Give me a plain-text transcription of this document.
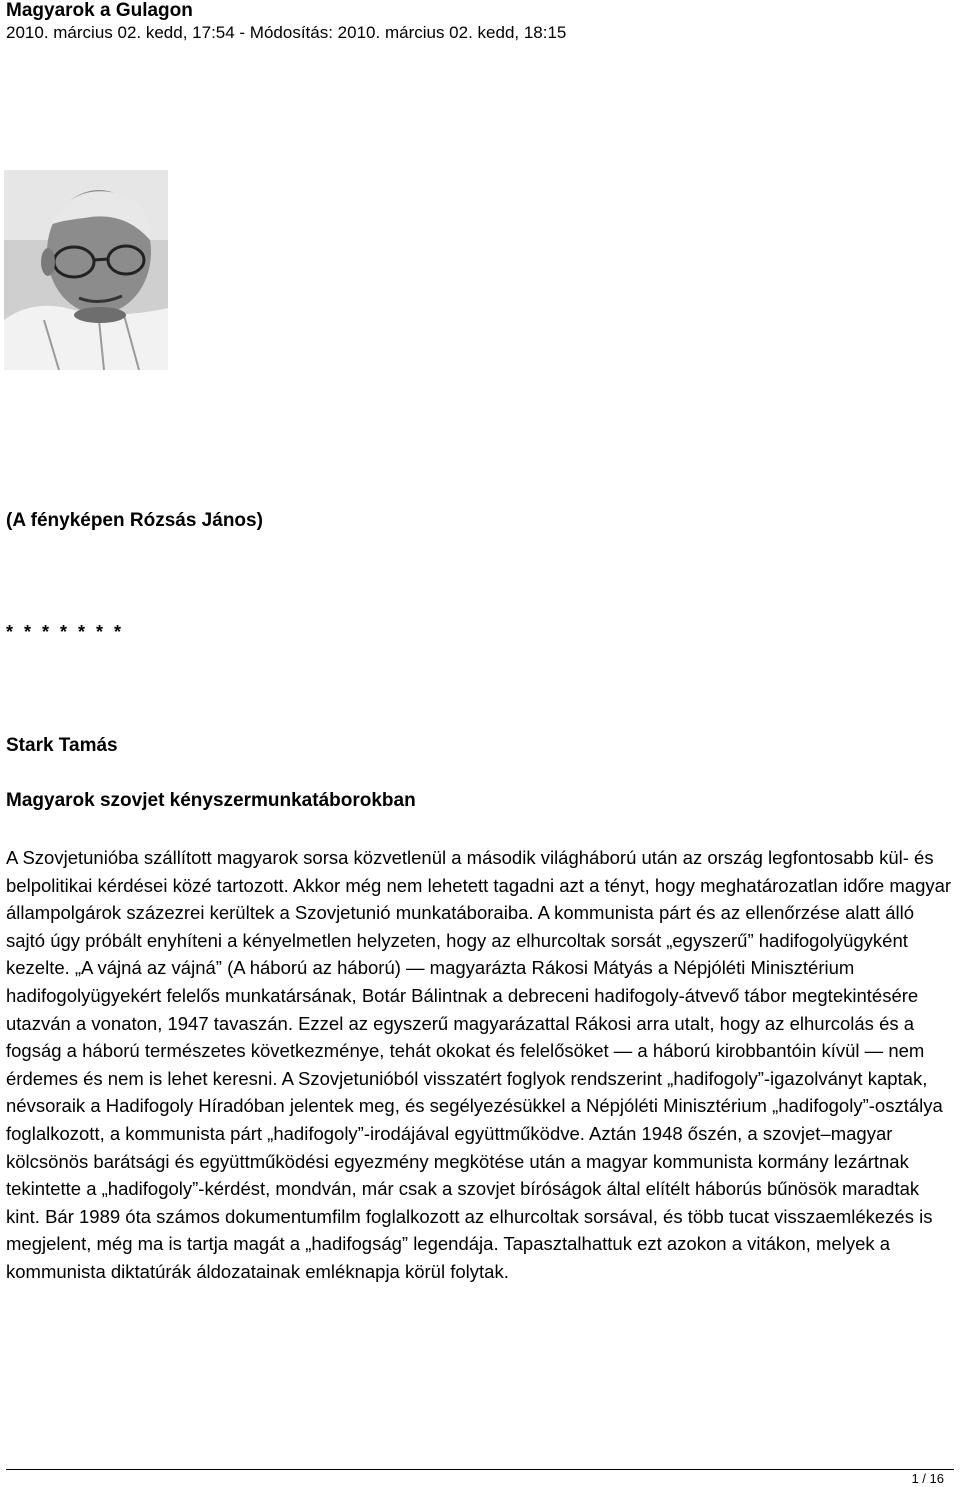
Magyarok a Gulagon
2010. március 02. kedd, 17:54 - Módosítás: 2010. március 02. kedd, 18:15
(A fényképen Rózsás János)
* * * * * * *
Stark Tamás
Magyarok szovjet kényszermunkatáborokban

A Szovjetunióba szállított magyarok sorsa közvetlenül a második világháború után az ország legfontosabb kül- és belpolitikai kérdései közé tartozott. Akkor még nem lehetett tagadni azt a tényt, hogy meghatározatlan időre magyar állampolgárok százezrei kerültek a Szovjetunió munkatáboraiba. A kommunista párt és az ellenőrzése alatt álló sajtó úgy próbált enyhíteni a kényelmetlen helyzeten, hogy az elhurcoltak sorsát „egyszerű” hadifogolyügyként kezelte. „A vájná az vájná” (A háború az háború) — magyarázta Rákosi Mátyás a Népjóléti Minisztérium hadifogolyügyekért felelős munkatársának, Botár Bálintnak a debreceni hadifogoly-átvevő tábor megtekintésére utazván a vonaton, 1947 tavaszán. Ezzel az egyszerű magyarázattal Rákosi arra utalt, hogy az elhurcolás és a fogság a háború természetes következménye, tehát okokat és felelősöket — a háború kirobbantóin kívül — nem érdemes és nem is lehet keresni. A Szovjetunióból visszatért foglyok rendszerint „hadifogoly”-igazolványt kaptak, névsoraik a Hadifogoly Híradóban jelentek meg, és segélyezésükkel a Népjóléti Minisztérium „hadifogoly”-osztálya foglalkozott, a kommunista párt „hadifogoly”-irodájával együttműködve. Aztán 1948 őszén, a szovjet–magyar kölcsönös barátsági és együttműködési egyezmény megkötése után a magyar kommunista kormány lezártnak tekintette a „hadifogoly”-kérdést, mondván, már csak a szovjet bíróságok által elítélt háborús bűnösök maradtak kint. Bár 1989 óta számos dokumentumfilm foglalkozott az elhurcoltak sorsával, és több tucat visszaemlékezés is megjelent, még ma is tartja magát a „hadifogság” legendája. Tapasztalhattuk ezt azokon a vitákon, melyek a kommunista diktatúrák áldozatainak emléknapja körül folytak.

1 / 16
